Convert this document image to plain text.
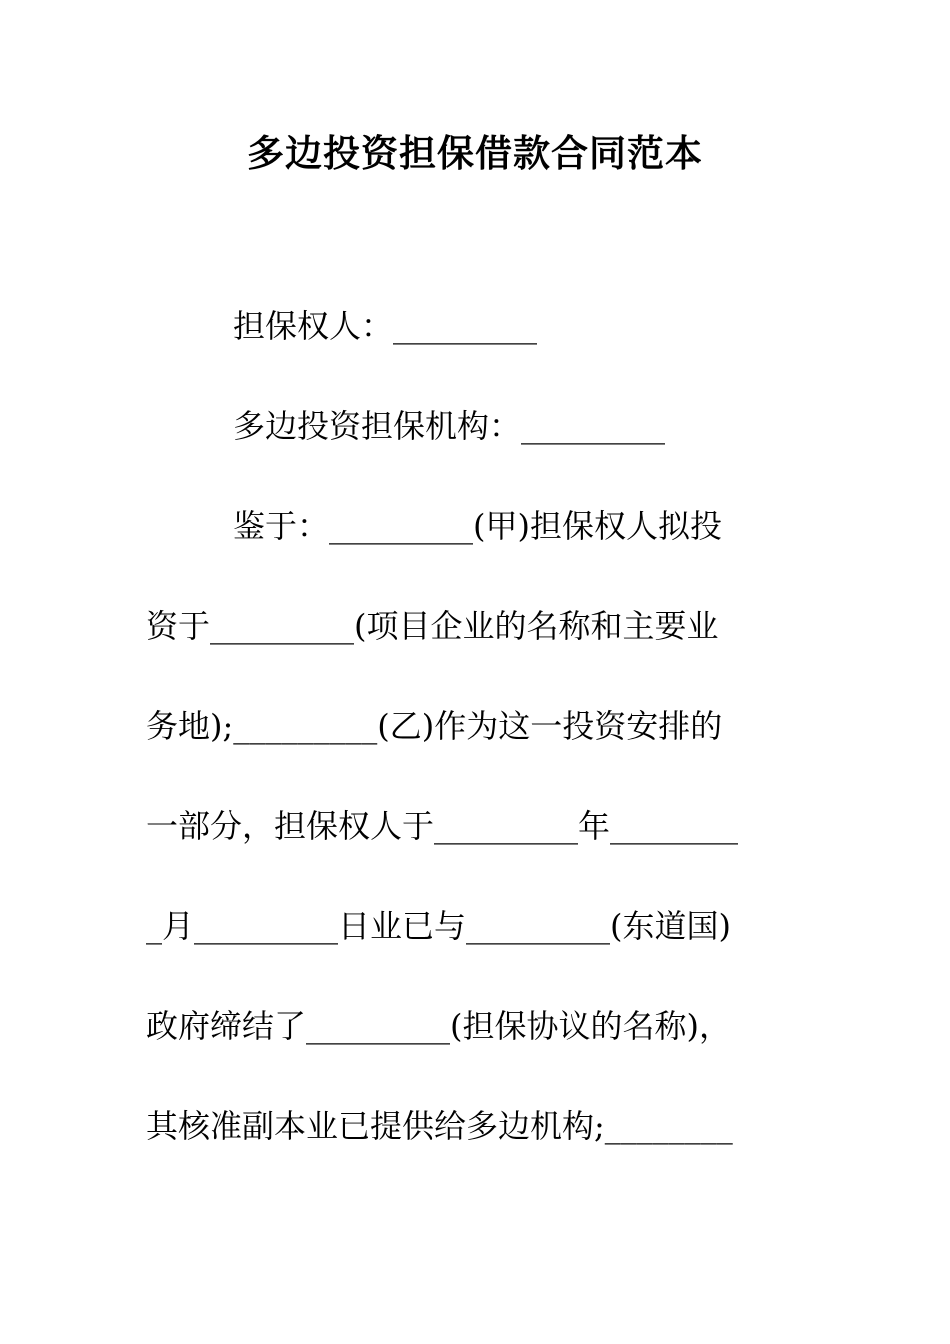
多边投资担保借款合同范本
担保权人：_________
多边投资担保机构：_________
鉴于：_________(甲)担保权人拟投
资于_________(项目企业的名称和主要业
务地);_________(乙)作为这一投资安排的
一部分，担保权人于_________年________
_月_________日业已与_________(东道国)
政府缔结了_________(担保协议的名称)，
其核准副本业已提供给多边机构;________
